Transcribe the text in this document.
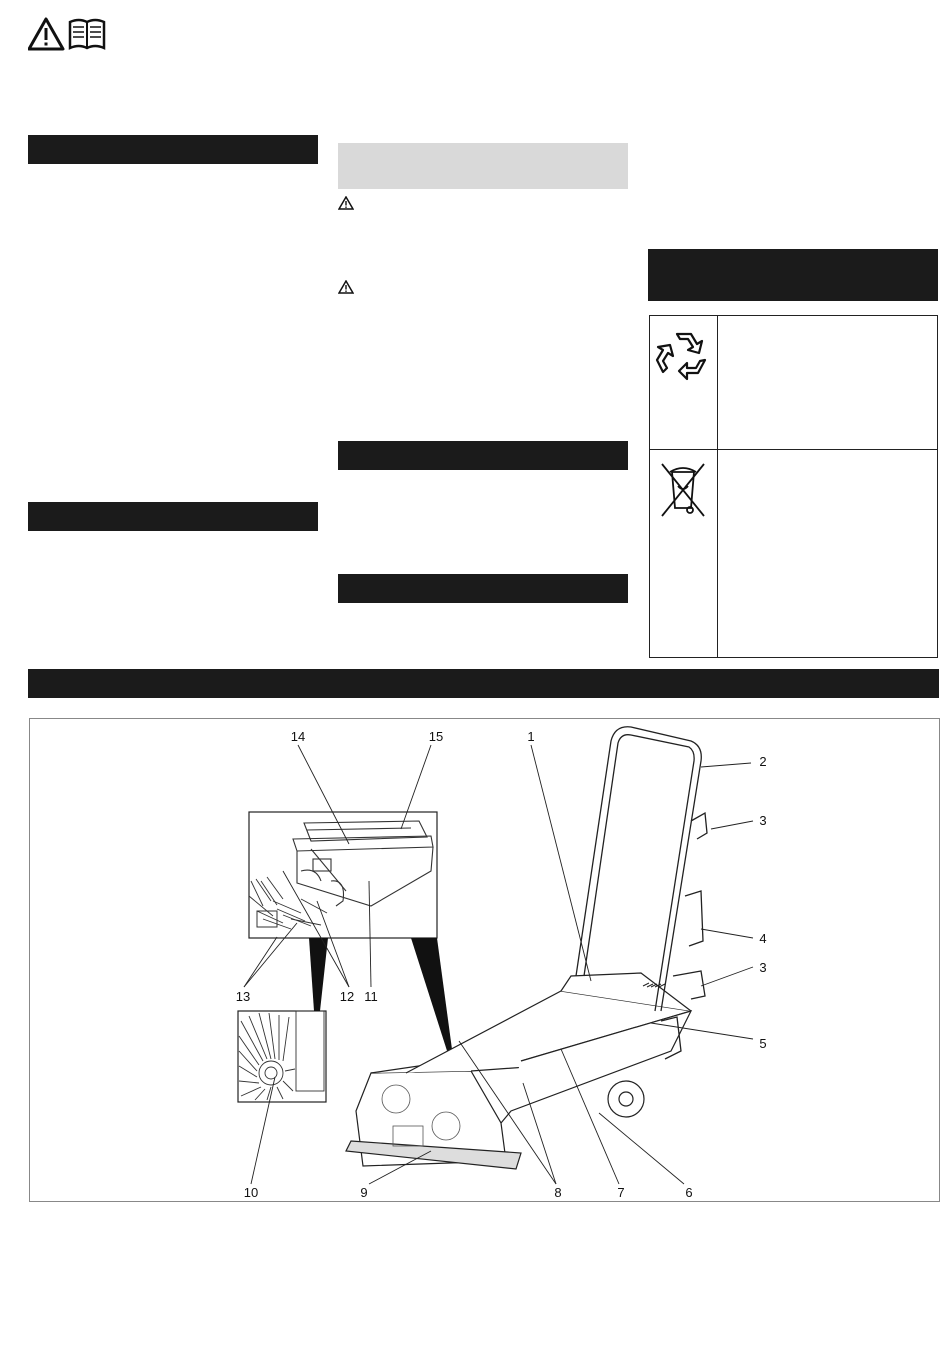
1
2
3
3
4
5
6
7
8
9
10
11
12
13
14	15
